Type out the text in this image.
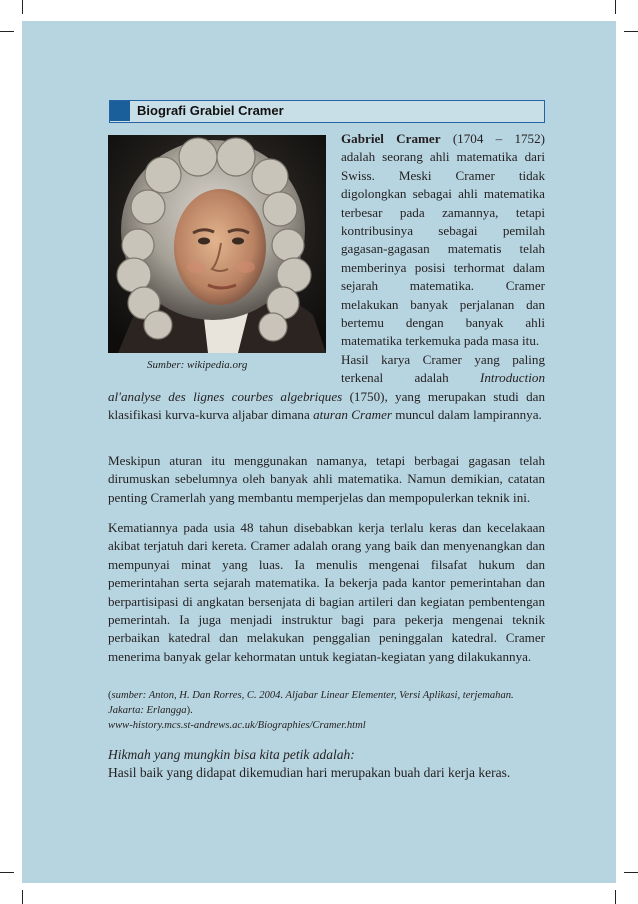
Biografi Grabiel Cramer
Sumber: wikipedia.org

Gabriel Cramer (1704 – 1752)

adalah seorang ahli matematika dari Swiss. Meski Cramer tidak digolongkan sebagai ahli matematika terbesar pada zamannya, tetapi kontribusinya sebagai pemilah gagasan-gagasan matematis telah memberinya posisi terhormat dalam sejarah matematika. Cramer melakukan banyak perjalanan dan bertemu dengan banyak ahli matematika terkemuka pada masa itu.

Hasil karya Cramer yang paling terkenal adalah Introduction

al'analyse des lignes courbes algebriques (1750), yang merupakan studi dan klasifikasi kurva-kurva aljabar dimana aturan Cramer muncul dalam lampirannya.

Meskipun aturan itu menggunakan namanya, tetapi berbagai gagasan telah dirumuskan sebelumnya oleh banyak ahli matematika. Namun demikian, catatan penting Cramerlah yang membantu memperjelas dan mempopulerkan teknik ini.

Kematiannya pada usia 48 tahun disebabkan kerja terlalu keras dan kecelakaan akibat terjatuh dari kereta. Cramer adalah orang yang baik dan menyenangkan dan mempunyai minat yang luas. Ia menulis mengenai filsafat hukum dan pemerintahan serta sejarah matematika. Ia bekerja pada kantor pemerintahan dan berpartisipasi di angkatan bersenjata di bagian artileri dan kegiatan pembentengan pemerintah. Ia juga menjadi instruktur bagi para pekerja mengenai teknik perbaikan katedral dan melakukan penggalian peninggalan katedral. Cramer menerima banyak gelar kehormatan untuk kegiatan-kegiatan yang dilakukannya.

(sumber: Anton, H. Dan Rorres, C. 2004. Aljabar Linear Elementer, Versi Aplikasi, terjemahan. Jakarta: Erlangga).

www-history.mcs.st-andrews.ac.uk/Biographies/Cramer.html

Hikmah yang mungkin bisa kita petik adalah:
Hasil baik yang didapat dikemudian hari merupakan buah dari kerja keras.
